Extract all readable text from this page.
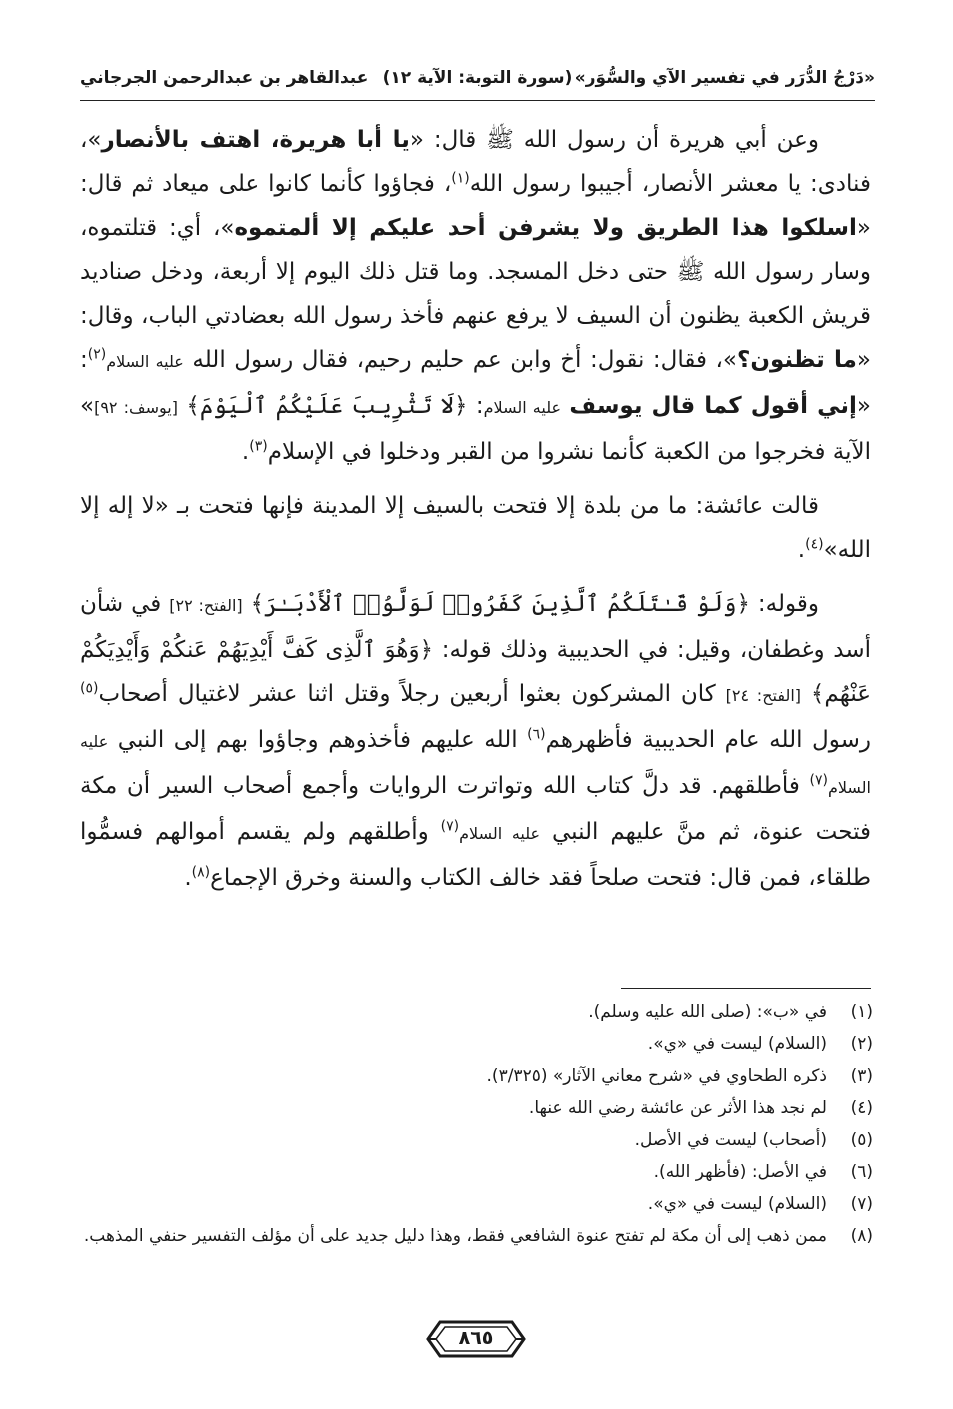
«دَرْجُ الدُّرَر في تفسير الآي والسُّوَر»
(سورة التوبة: الآية ١٢)
عبدالقاهر بن عبدالرحمن الجرجاني

وعن أبي هريرة أن رسول الله ﷺ قال: «يا أبا هريرة، اهتف بالأنصار»، فنادى: يا معشر الأنصار، أجيبوا رسول الله$^{(١)}$، فجاؤوا كأنما كانوا على ميعاد ثم قال: «اسلكوا هذا الطريق ولا يشرفن أحد عليكم إلا ألمتموه»، أي: قتلتموه، وسار رسول الله ﷺ حتى دخل المسجد. وما قتل ذلك اليوم إلا أربعة، ودخل صناديد قريش الكعبة يظنون أن السيف لا يرفع عنهم فأخذ رسول الله بعضادتي الباب، وقال: «ما تظنون؟»، فقال: نقول: أخ وابن عم حليم رحيم، فقال رسول الله عليه السلام$^{(٢)}$: «إني أقول كما قال يوسف عليه السلام: ﴿لَا تَثْرِيبَ عَلَيْكُمُ ٱلْيَوْمَ﴾ [يوسف: ٩٢]» الآية فخرجوا من الكعبة كأنما نشروا من القبر ودخلوا في الإسلام$^{(٣)}$.

قالت عائشة: ما من بلدة إلا فتحت بالسيف إلا المدينة فإنها فتحت بـ «لا إله إلا الله»$^{(٤)}$.

وقوله: ﴿وَلَوْ قَـٰتَلَكُمُ ٱلَّذِينَ كَفَرُوا۟ لَوَلَّوُا۟ ٱلْأَدْبَـٰرَ﴾ [الفتح: ٢٢] في شأن أسد وغطفان، وقيل: في الحديبية وذلك قوله: ﴿وَهُوَ ٱلَّذِى كَفَّ أَيْدِيَهُمْ عَنكُمْ وَأَيْدِيَكُمْ عَنْهُم﴾ [الفتح: ٢٤] كان المشركون بعثوا أربعين رجلاً وقتل اثنا عشر لاغتيال أصحاب$^{(٥)}$ رسول الله عام الحديبية فأظهرهم$^{(٦)}$ الله عليهم فأخذوهم وجاؤوا بهم إلى النبي عليه السلام$^{(٧)}$ فأطلقهم. قد دلَّ كتاب الله وتواترت الروايات وأجمع أصحاب السير أن مكة فتحت عنوة، ثم منَّ عليهم النبي عليه السلام$^{(٧)}$ وأطلقهم ولم يقسم أموالهم فسمُّوا طلقاء، فمن قال: فتحت صلحاً فقد خالف الكتاب والسنة وخرق الإجماع$^{(٨)}$.

(١)
في «ب»: (صلى الله عليه وسلم).
(٢)
(السلام) ليست في «ي».
(٣)
ذكره الطحاوي في «شرح معاني الآثار» (٣/٣٢٥).
(٤)
لم نجد هذا الأثر عن عائشة رضي الله عنها.
(٥)
(أصحاب) ليست في الأصل.
(٦)
في الأصل: (فأظهر الله).
(٧)
(السلام) ليست في «ي».
(٨)
ممن ذهب إلى أن مكة لم تفتح عنوة الشافعي فقط، وهذا دليل جديد على أن مؤلف التفسير حنفي المذهب.
٨٦٥
